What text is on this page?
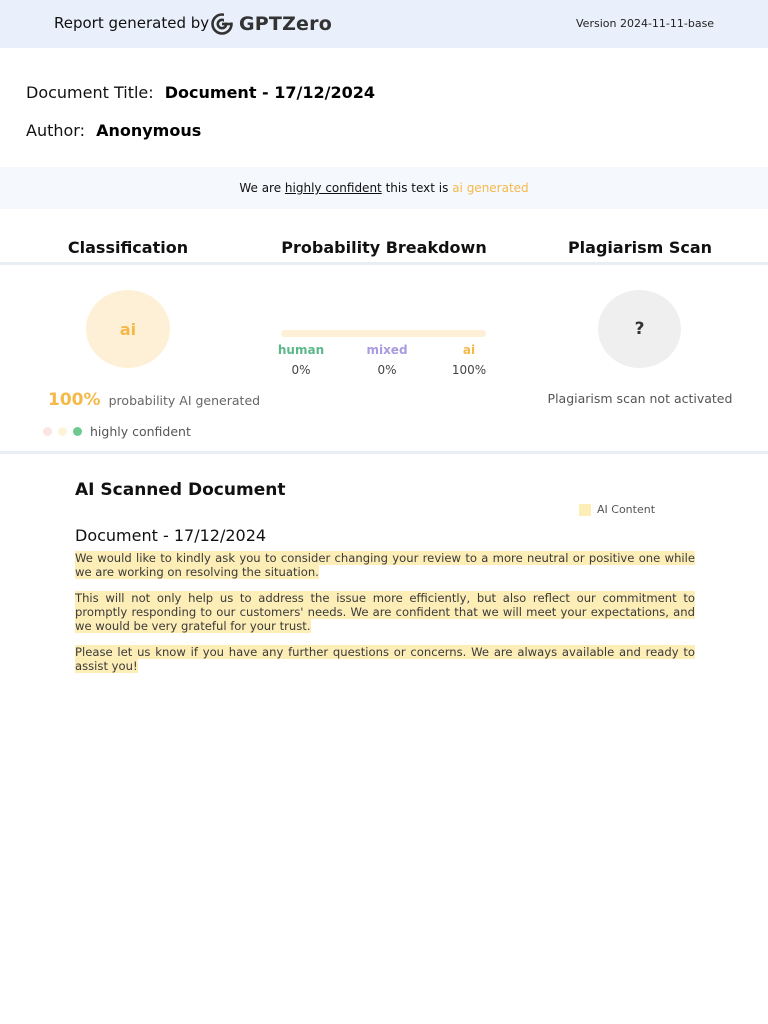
Report generated by GPTZero	Version 2024-11-11-base
Document Title: Document - 17/12/2024
Author: Anonymous
We are highly confident this text is ai generated
Classification	Probability Breakdown	Plagiarism Scan
ai
100% probability AI generated
highly confident
human
0%
mixed
0%
ai
100%
?
Plagiarism scan not activated
AI Scanned Document
AI Content
Document - 17/12/2024

We would like to kindly ask you to consider changing your review to a more neutral or positive one while we are working on resolving the situation.

This will not only help us to address the issue more efficiently, but also reflect our commitment to promptly responding to our customers' needs. We are confident that we will meet your expectations, and we would be very grateful for your trust.

Please let us know if you have any further questions or concerns. We are always available and ready to assist you!
